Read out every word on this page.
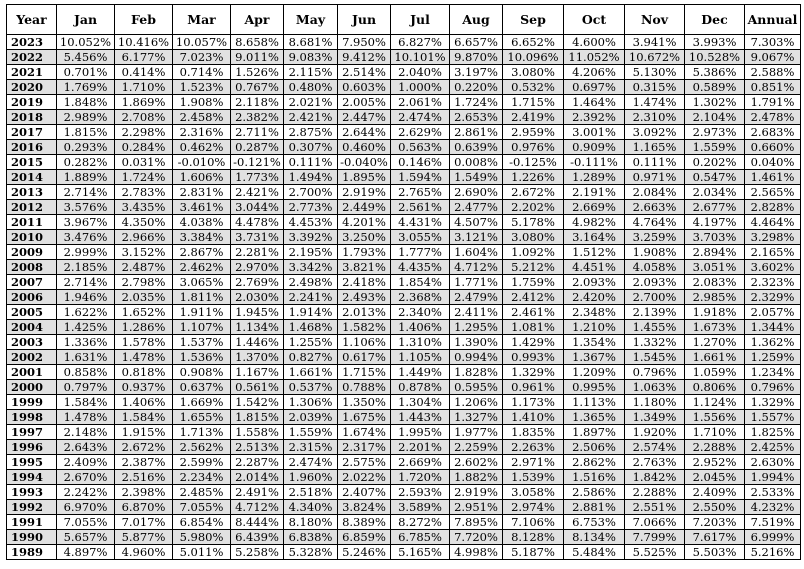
Year	Jan	Feb	Mar	Apr	May	Jun	Jul	Aug	Sep	Oct	Nov	Dec	Annual
2023	10.052%	10.416%	10.057%	8.658%	8.681%	7.950%	6.827%	6.657%	6.652%	4.600%	3.941%	3.993%	7.303%
2022	5.456%	6.177%	7.023%	9.011%	9.083%	9.412%	10.101%	9.870%	10.096%	11.052%	10.672%	10.528%	9.067%
2021	0.701%	0.414%	0.714%	1.526%	2.115%	2.514%	2.040%	3.197%	3.080%	4.206%	5.130%	5.386%	2.588%
2020	1.769%	1.710%	1.523%	0.767%	0.480%	0.603%	1.000%	0.220%	0.532%	0.697%	0.315%	0.589%	0.851%
2019	1.848%	1.869%	1.908%	2.118%	2.021%	2.005%	2.061%	1.724%	1.715%	1.464%	1.474%	1.302%	1.791%
2018	2.989%	2.708%	2.458%	2.382%	2.421%	2.447%	2.474%	2.653%	2.419%	2.392%	2.310%	2.104%	2.478%
2017	1.815%	2.298%	2.316%	2.711%	2.875%	2.644%	2.629%	2.861%	2.959%	3.001%	3.092%	2.973%	2.683%
2016	0.293%	0.284%	0.462%	0.287%	0.307%	0.460%	0.563%	0.639%	0.976%	0.909%	1.165%	1.559%	0.660%
2015	0.282%	0.031%	-0.010%	-0.121%	0.111%	-0.040%	0.146%	0.008%	-0.125%	-0.111%	0.111%	0.202%	0.040%
2014	1.889%	1.724%	1.606%	1.773%	1.494%	1.895%	1.594%	1.549%	1.226%	1.289%	0.971%	0.547%	1.461%
2013	2.714%	2.783%	2.831%	2.421%	2.700%	2.919%	2.765%	2.690%	2.672%	2.191%	2.084%	2.034%	2.565%
2012	3.576%	3.435%	3.461%	3.044%	2.773%	2.449%	2.561%	2.477%	2.202%	2.669%	2.663%	2.677%	2.828%
2011	3.967%	4.350%	4.038%	4.478%	4.453%	4.201%	4.431%	4.507%	5.178%	4.982%	4.764%	4.197%	4.464%
2010	3.476%	2.966%	3.384%	3.731%	3.392%	3.250%	3.055%	3.121%	3.080%	3.164%	3.259%	3.703%	3.298%
2009	2.999%	3.152%	2.867%	2.281%	2.195%	1.793%	1.777%	1.604%	1.092%	1.512%	1.908%	2.894%	2.165%
2008	2.185%	2.487%	2.462%	2.970%	3.342%	3.821%	4.435%	4.712%	5.212%	4.451%	4.058%	3.051%	3.602%
2007	2.714%	2.798%	3.065%	2.769%	2.498%	2.418%	1.854%	1.771%	1.759%	2.093%	2.093%	2.083%	2.323%
2006	1.946%	2.035%	1.811%	2.030%	2.241%	2.493%	2.368%	2.479%	2.412%	2.420%	2.700%	2.985%	2.329%
2005	1.622%	1.652%	1.911%	1.945%	1.914%	2.013%	2.340%	2.411%	2.461%	2.348%	2.139%	1.918%	2.057%
2004	1.425%	1.286%	1.107%	1.134%	1.468%	1.582%	1.406%	1.295%	1.081%	1.210%	1.455%	1.673%	1.344%
2003	1.336%	1.578%	1.537%	1.446%	1.255%	1.106%	1.310%	1.390%	1.429%	1.354%	1.332%	1.270%	1.362%
2002	1.631%	1.478%	1.536%	1.370%	0.827%	0.617%	1.105%	0.994%	0.993%	1.367%	1.545%	1.661%	1.259%
2001	0.858%	0.818%	0.908%	1.167%	1.661%	1.715%	1.449%	1.828%	1.329%	1.209%	0.796%	1.059%	1.234%
2000	0.797%	0.937%	0.637%	0.561%	0.537%	0.788%	0.878%	0.595%	0.961%	0.995%	1.063%	0.806%	0.796%
1999	1.584%	1.406%	1.669%	1.542%	1.306%	1.350%	1.304%	1.206%	1.173%	1.113%	1.180%	1.124%	1.329%
1998	1.478%	1.584%	1.655%	1.815%	2.039%	1.675%	1.443%	1.327%	1.410%	1.365%	1.349%	1.556%	1.557%
1997	2.148%	1.915%	1.713%	1.558%	1.559%	1.674%	1.995%	1.977%	1.835%	1.897%	1.920%	1.710%	1.825%
1996	2.643%	2.672%	2.562%	2.513%	2.315%	2.317%	2.201%	2.259%	2.263%	2.506%	2.574%	2.288%	2.425%
1995	2.409%	2.387%	2.599%	2.287%	2.474%	2.575%	2.669%	2.602%	2.971%	2.862%	2.763%	2.952%	2.630%
1994	2.670%	2.516%	2.234%	2.014%	1.960%	2.022%	1.720%	1.882%	1.539%	1.516%	1.842%	2.045%	1.994%
1993	2.242%	2.398%	2.485%	2.491%	2.518%	2.407%	2.593%	2.919%	3.058%	2.586%	2.288%	2.409%	2.533%
1992	6.970%	6.870%	7.055%	4.712%	4.340%	3.824%	3.589%	2.951%	2.974%	2.881%	2.551%	2.550%	4.232%
1991	7.055%	7.017%	6.854%	8.444%	8.180%	8.389%	8.272%	7.895%	7.106%	6.753%	7.066%	7.203%	7.519%
1990	5.657%	5.877%	5.980%	6.439%	6.838%	6.859%	6.785%	7.720%	8.128%	8.134%	7.799%	7.617%	6.999%
1989	4.897%	4.960%	5.011%	5.258%	5.328%	5.246%	5.165%	4.998%	5.187%	5.484%	5.525%	5.503%	5.216%
